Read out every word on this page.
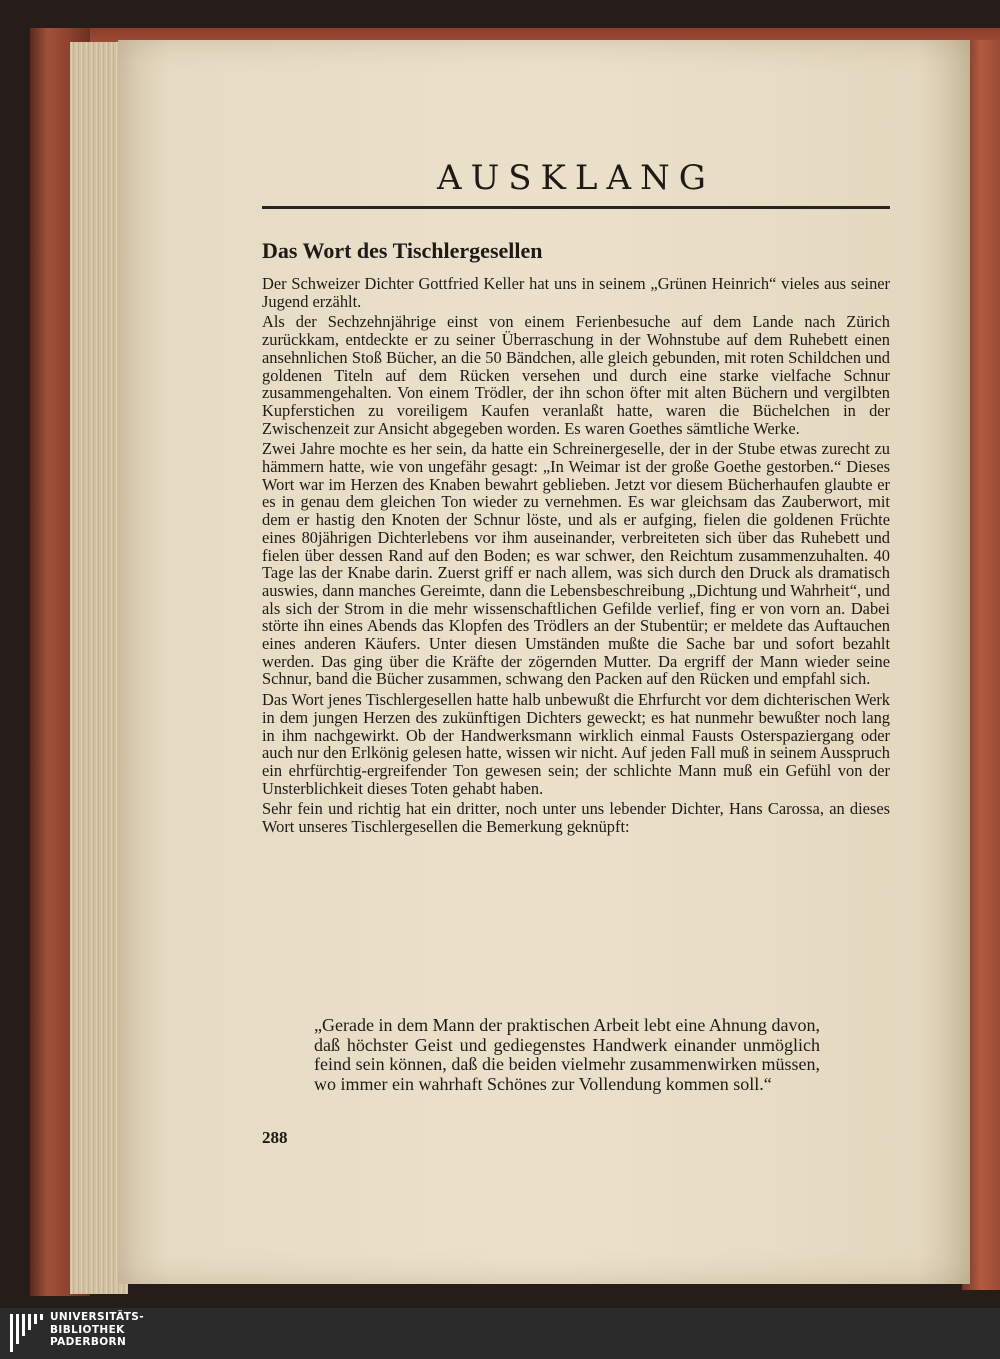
AUSKLANG
Das Wort des Tischlergesellen

Der Schweizer Dichter Gottfried Keller hat uns in seinem „Grünen Heinrich“ vieles aus seiner Jugend erzählt.

Als der Sechzehnjährige einst von einem Ferienbesuche auf dem Lande nach Zürich zurückkam, entdeckte er zu seiner Überraschung in der Wohnstube auf dem Ruhebett einen ansehnlichen Stoß Bücher, an die 50 Bändchen, alle gleich gebunden, mit roten Schildchen und goldenen Titeln auf dem Rücken versehen und durch eine starke vielfache Schnur zusammengehalten. Von einem Trödler, der ihn schon öfter mit alten Büchern und vergilbten Kupferstichen zu voreiligem Kaufen veranlaßt hatte, waren die Büchelchen in der Zwischenzeit zur Ansicht abgegeben worden. Es waren Goethes sämtliche Werke.

Zwei Jahre mochte es her sein, da hatte ein Schreinergeselle, der in der Stube etwas zurecht zu hämmern hatte, wie von ungefähr gesagt: „In Weimar ist der große Goethe gestorben.“ Dieses Wort war im Herzen des Knaben bewahrt geblieben. Jetzt vor diesem Bücherhaufen glaubte er es in genau dem gleichen Ton wieder zu vernehmen. Es war gleichsam das Zauberwort, mit dem er hastig den Knoten der Schnur löste, und als er aufging, fielen die goldenen Früchte eines 80jährigen Dichterlebens vor ihm auseinander, verbreiteten sich über das Ruhebett und fielen über dessen Rand auf den Boden; es war schwer, den Reichtum zusammenzuhalten. 40 Tage las der Knabe darin. Zuerst griff er nach allem, was sich durch den Druck als dramatisch auswies, dann manches Gereimte, dann die Lebensbeschreibung „Dichtung und Wahrheit“, und als sich der Strom in die mehr wissenschaftlichen Gefilde verlief, fing er von vorn an. Dabei störte ihn eines Abends das Klopfen des Trödlers an der Stubentür; er meldete das Auftauchen eines anderen Käufers. Unter diesen Umständen mußte die Sache bar und sofort bezahlt werden. Das ging über die Kräfte der zögernden Mutter. Da ergriff der Mann wieder seine Schnur, band die Bücher zusammen, schwang den Packen auf den Rücken und empfahl sich.

Das Wort jenes Tischlergesellen hatte halb unbewußt die Ehrfurcht vor dem dichterischen Werk in dem jungen Herzen des zukünftigen Dichters geweckt; es hat nunmehr bewußter noch lang in ihm nachgewirkt. Ob der Handwerksmann wirklich einmal Fausts Osterspaziergang oder auch nur den Erlkönig gelesen hatte, wissen wir nicht. Auf jeden Fall muß in seinem Ausspruch ein ehrfürchtig-ergreifender Ton gewesen sein; der schlichte Mann muß ein Gefühl von der Unsterblichkeit dieses Toten gehabt haben.

Sehr fein und richtig hat ein dritter, noch unter uns lebender Dichter, Hans Carossa, an dieses Wort unseres Tischlergesellen die Bemerkung geknüpft:

„Gerade in dem Mann der praktischen Arbeit lebt eine Ahnung davon, daß höchster Geist und gediegenstes Handwerk einander unmöglich feind sein können, daß die beiden vielmehr zusammenwirken müssen, wo immer ein wahrhaft Schönes zur Vollendung kommen soll.“

288

UNIVERSITÄTS-
BIBLIOTHEK
PADERBORN
